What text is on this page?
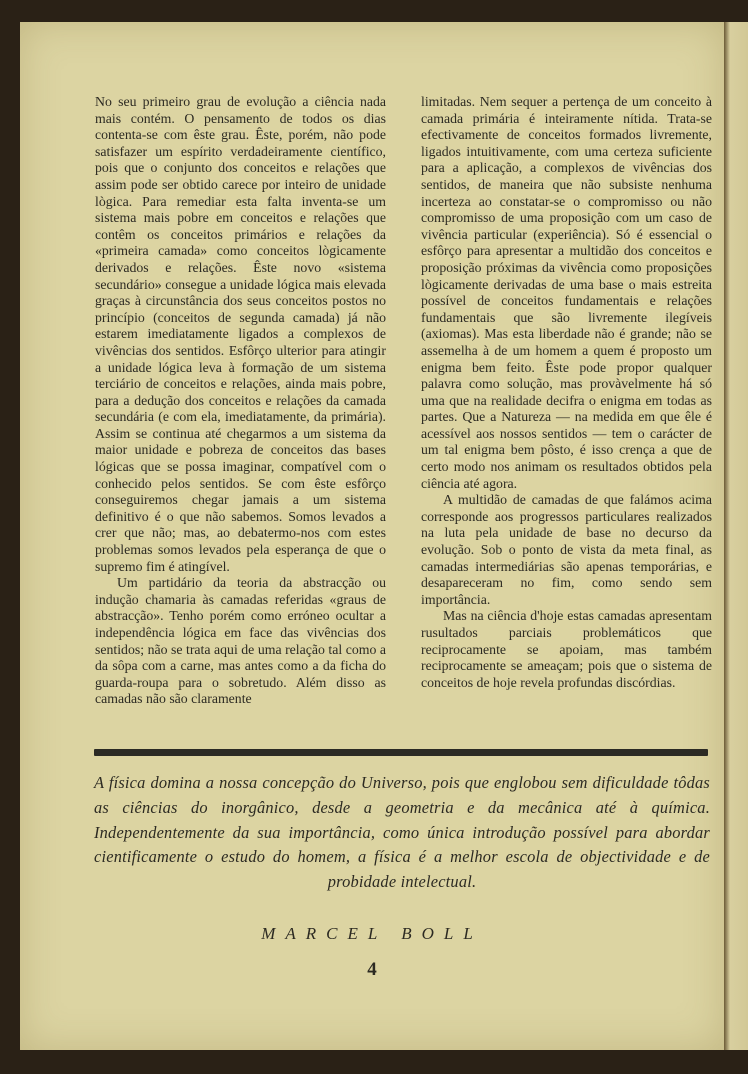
No seu primeiro grau de evolução a ciência nada mais contém. O pensamento de todos os dias contenta-se com êste grau. Êste, porém, não pode satisfazer um espírito verdadeiramente científico, pois que o conjunto dos conceitos e relações que assim pode ser obtido carece por inteiro de unidade lògica. Para remediar esta falta inventa-se um sistema mais pobre em conceitos e relações que contêm os conceitos primários e relações da «primeira camada» como conceitos lògicamente derivados e relações. Êste novo «sistema secundário» consegue a unidade lógica mais elevada graças à circunstância dos seus conceitos postos no princípio (conceitos de segunda camada) já não estarem imediatamente ligados a complexos de vivências dos sentidos. Esfôrço ulterior para atingir a unidade lógica leva à formação de um sistema terciário de conceitos e relações, ainda mais pobre, para a dedução dos conceitos e relações da camada secundária (e com ela, imediatamente, da primária). Assim se continua até chegarmos a um sistema da maior unidade e pobreza de conceitos das bases lógicas que se possa imaginar, compatível com o conhecido pelos sentidos. Se com êste esfôrço conseguiremos chegar jamais a um sistema definitivo é o que não sabemos. Somos levados a crer que não; mas, ao debatermo-nos com estes problemas somos levados pela esperança de que o supremo fim é atingível.

Um partidário da teoria da abstracção ou indução chamaria às camadas referidas «graus de abstracção». Tenho porém como erróneo ocultar a independência lógica em face das vivências dos sentidos; não se trata aqui de uma relação tal como a da sôpa com a carne, mas antes como a da ficha do guarda-roupa para o sobretudo. Além disso as camadas não são claramente

limitadas. Nem sequer a pertença de um conceito à camada primária é inteiramente nítida. Trata-se efectivamente de conceitos formados livremente, ligados intuitivamente, com uma certeza suficiente para a aplicação, a complexos de vivências dos sentidos, de maneira que não subsiste nenhuma incerteza ao constatar-se o compromisso ou não compromisso de uma proposição com um caso de vivência particular (experiência). Só é essencial o esfôrço para apresentar a multidão dos conceitos e proposição próximas da vivência como proposições lògicamente derivadas de uma base o mais estreita possível de conceitos fundamentais e relações fundamentais que são livremente ilegíveis (axiomas). Mas esta liberdade não é grande; não se assemelha à de um homem a quem é proposto um enigma bem feito. Êste pode propor qualquer palavra como solução, mas provàvelmente há só uma que na realidade decifra o enigma em todas as partes. Que a Natureza — na medida em que êle é acessível aos nossos sentidos — tem o carácter de um tal enigma bem pôsto, é isso crença a que de certo modo nos animam os resultados obtidos pela ciência até agora.

A multidão de camadas de que falámos acima corresponde aos progressos particulares realizados na luta pela unidade de base no decurso da evolução. Sob o ponto de vista da meta final, as camadas intermediárias são apenas temporárias, e desapareceram no fim, como sendo sem importância.

Mas na ciência d'hoje estas camadas apresentam rusultados parciais problemáticos que reciprocamente se apoiam, mas também reciprocamente se ameaçam; pois que o sistema de conceitos de hoje revela profundas discórdias.

A física domina a nossa concepção do Universo, pois que englobou sem dificuldade tôdas as ciências do inorgânico, desde a geometria e da mecânica até à química. Independentemente da sua importância, como única introdução possível para abordar cientificamente o estudo do homem, a física é a melhor escola de objectividade e de probidade intelectual.
MARCEL BOLL
4
